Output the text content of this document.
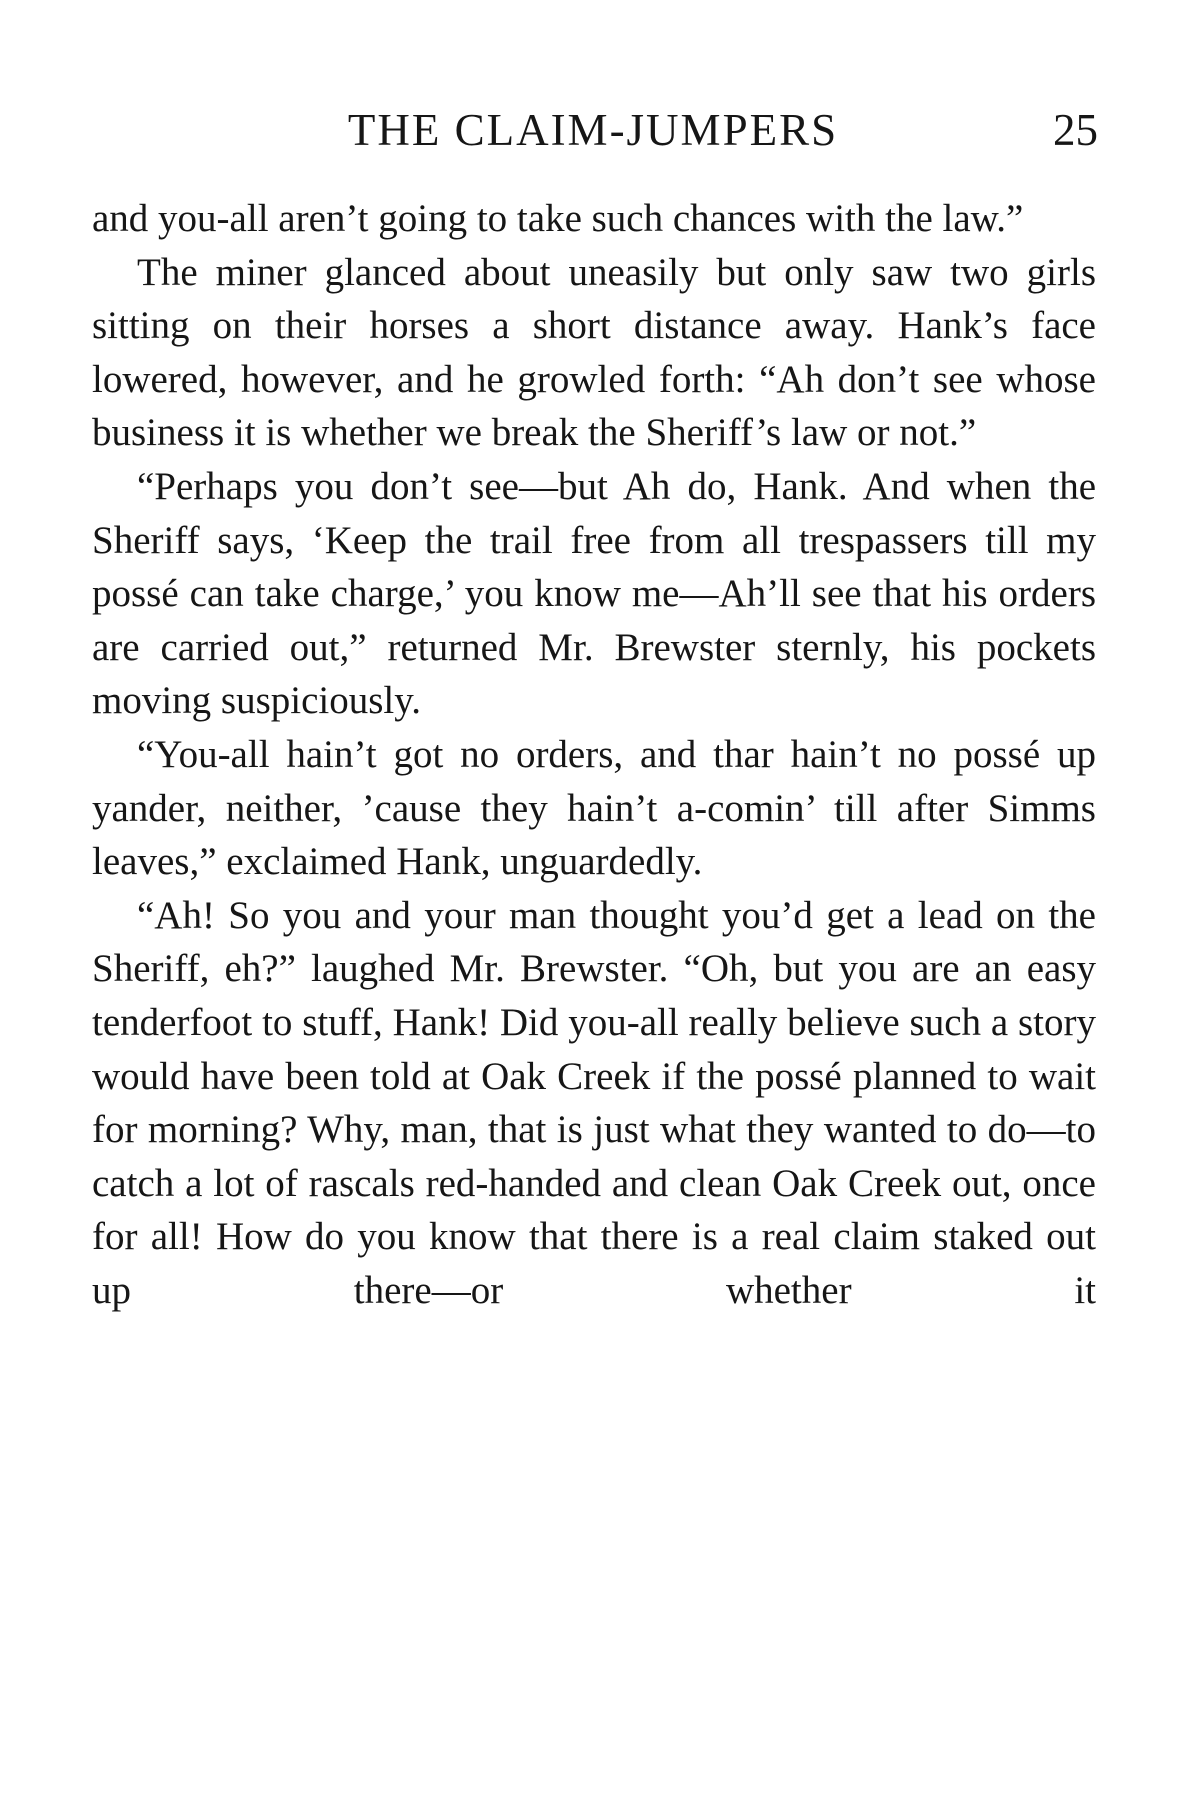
THE CLAIM-JUMPERS	25

and you-all aren’t going to take such chances with the law.”

The miner glanced about uneasily but only saw two girls sitting on their horses a short distance away. Hank’s face lowered, however, and he growled forth: “Ah don’t see whose business it is whether we break the Sheriff’s law or not.”

“Perhaps you don’t see—but Ah do, Hank. And when the Sheriff says, ‘Keep the trail free from all trespassers till my possé can take charge,’ you know me—Ah’ll see that his orders are carried out,” returned Mr. Brewster sternly, his pockets moving suspiciously.

“You-all hain’t got no orders, and thar hain’t no possé up yander, neither, ’cause they hain’t a-comin’ till after Simms leaves,” exclaimed Hank, unguardedly.

“Ah! So you and your man thought you’d get a lead on the Sheriff, eh?” laughed Mr. Brewster. “Oh, but you are an easy tenderfoot to stuff, Hank! Did you-all really believe such a story would have been told at Oak Creek if the possé planned to wait for morning? Why, man, that is just what they wanted to do—to catch a lot of rascals red-handed and clean Oak Creek out, once for all! How do you know that there is a real claim staked out up there—or whether it
